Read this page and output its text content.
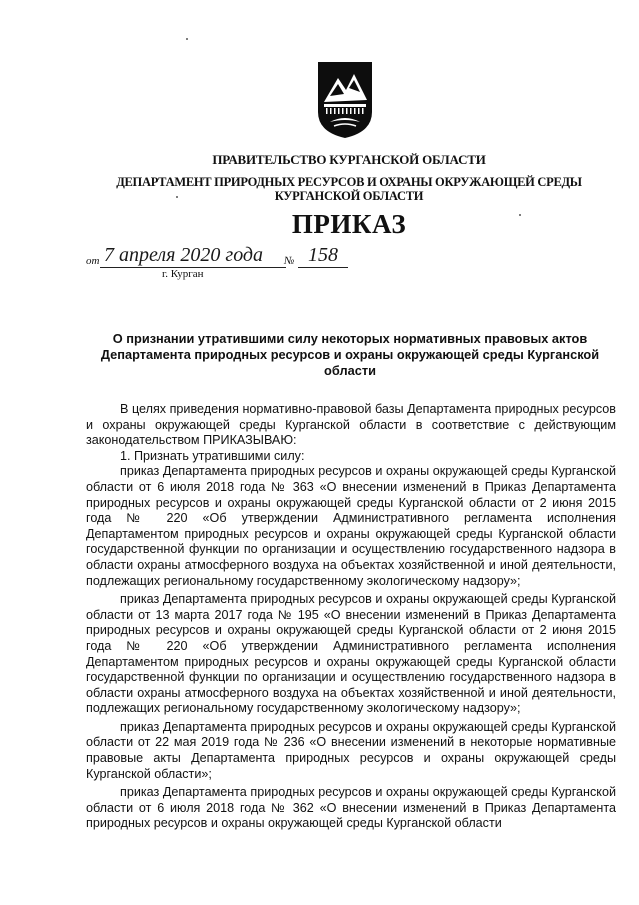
ПРАВИТЕЛЬСТВО КУРГАНСКОЙ ОБЛАСТИ
ДЕПАРТАМЕНТ ПРИРОДНЫХ РЕСУРСОВ И ОХРАНЫ ОКРУЖАЮЩЕЙ СРЕДЫ
КУРГАНСКОЙ ОБЛАСТИ
ПРИКАЗ
от 7 апреля 2020 года № 158
г. Курган
О признании утратившими силу некоторых нормативных правовых актов Департамента природных ресурсов и охраны окружающей среды Курганской области

В целях приведения нормативно-правовой базы Департамента природных ресурсов и охраны окружающей среды Курганской области в соответствие с действующим законодательством ПРИКАЗЫВАЮ:

1. Признать утратившими силу:

приказ Департамента природных ресурсов и охраны окружающей среды Курганской области от 6 июля 2018 года № 363 «О внесении изменений в Приказ Департамента природных ресурсов и охраны окружающей среды Курганской области от 2 июня 2015 года № 220 «Об утверждении Административного регламента исполнения Департаментом природных ресурсов и охраны окружающей среды Курганской области государственной функции по организации и осуществлению государственного надзора в области охраны атмосферного воздуха на объектах хозяйственной и иной деятельности, подлежащих региональному государственному экологическому надзору»;

приказ Департамента природных ресурсов и охраны окружающей среды Курганской области от 13 марта 2017 года № 195 «О внесении изменений в Приказ Департамента природных ресурсов и охраны окружающей среды Курганской области от 2 июня 2015 года № 220 «Об утверждении Административного регламента исполнения Департаментом природных ресурсов и охраны окружающей среды Курганской области государственной функции по организации и осуществлению государственного надзора в области охраны атмосферного воздуха на объектах хозяйственной и иной деятельности, подлежащих региональному государственному экологическому надзору»;

приказ Департамента природных ресурсов и охраны окружающей среды Курганской области от 22 мая 2019 года № 236 «О внесении изменений в некоторые нормативные правовые акты Департамента природных ресурсов и охраны окружающей среды Курганской области»;

приказ Департамента природных ресурсов и охраны окружающей среды Курганской области от 6 июля 2018 года № 362 «О внесении изменений в Приказ Департамента природных ресурсов и охраны окружающей среды Курганской области
